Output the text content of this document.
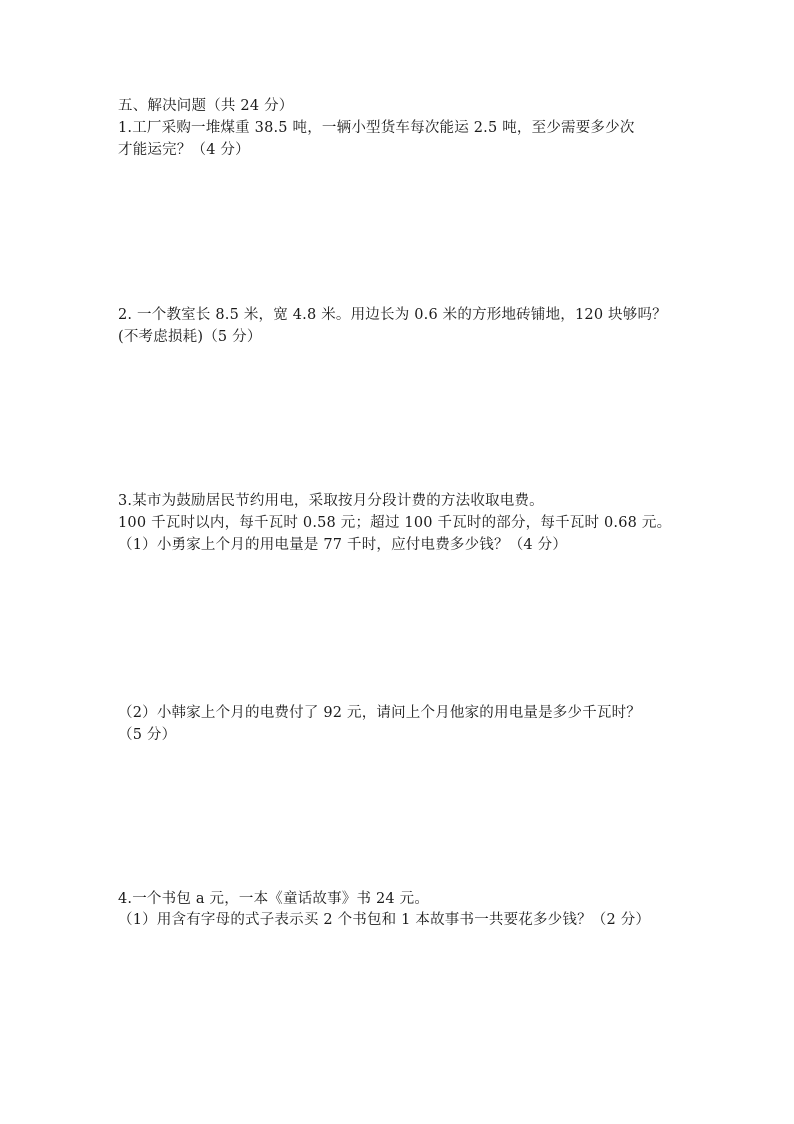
五、解决问题（共 24 分）
1.工厂采购一堆煤重 38.5 吨，一辆小型货车每次能运 2.5 吨，至少需要多少次
才能运完？（4 分）
2. 一个教室长 8.5 米，宽 4.8 米。用边长为 0.6 米的方形地砖铺地，120 块够吗？
(不考虑损耗)（5 分）
3.某市为鼓励居民节约用电，采取按月分段计费的方法收取电费。
100 千瓦时以内，每千瓦时 0.58 元；超过 100 千瓦时的部分，每千瓦时 0.68 元。
（1）小勇家上个月的用电量是 77 千时，应付电费多少钱？（4 分）
（2）小韩家上个月的电费付了 92 元，请问上个月他家的用电量是多少千瓦时？
（5 分）
4.一个书包 a 元，一本《童话故事》书 24 元。
（1）用含有字母的式子表示买 2 个书包和 1 本故事书一共要花多少钱？（2 分）
